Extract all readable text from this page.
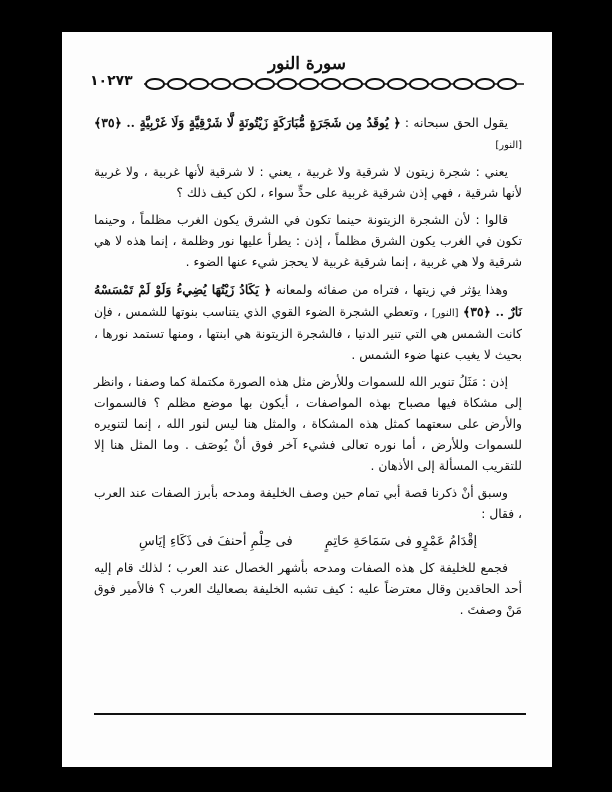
سورة النور
١٠٢٧٣

يقول الحق سبحانه : ﴿ يُوقَدُ مِن شَجَرَةٍ مُّبَارَكَةٍ زَيْتُونَةٍ لَّا شَرْقِيَّةٍ وَلَا غَرْبِيَّةٍ .. ﴿٣٥﴾ [النور]

يعني : شجرة زيتون لا شرقية ولا غربية ، يعني : لا شرقية لأنها غربية ، ولا غربية لأنها شرقية ، فهي إذن شرقية غربية على حدٍّ سواء ، لكن كيف ذلك ؟

قالوا : لأن الشجرة الزيتونة حينما تكون في الشرق يكون الغرب مظلماً ، وحينما تكون في الغرب يكون الشرق مظلماً ، إذن : يطرأ عليها نور وظلمة ، إنما هذه لا هي شرقية ولا هي غربية ، إنما شرقية غربية لا يحجز شيء عنها الضوء .

وهذا يؤثر في زيتها ، فتراه من صفائه ولمعانه ﴿ يَكَادُ زَيْتُهَا يُضِيءُ وَلَوْ لَمْ تَمْسَسْهُ نَارٌ .. ﴿٣٥﴾ [النور] ، وتعطي الشجرة الضوء القوي الذي يتناسب بنوتها للشمس ، فإن كانت الشمس هي التي تنير الدنيا ، فالشجرة الزيتونة هي ابنتها ، ومنها تستمد نورها ، بحيث لا يغيب عنها ضوء الشمس .

إذن : مَثَلُ تنوير الله للسموات وللأرض مثل هذه الصورة مكتملة كما وصفنا ، وانظر إلى مشكاة فيها مصباح بهذه المواصفات ، أيكون بها موضع مظلم ؟ فالسموات والأرض على سعتهما كمثل هذه المشكاة ، والمثل هنا ليس لنور الله ، إنما لتنويره للسموات وللأرض ، أما نوره تعالى فشيء آخر فوق أنْ يُوصَف . وما المثل هنا إلا للتقريب المسألة إلى الأذهان .

وسبق أنْ ذكرنا قصة أبي تمام حين وصف الخليفة ومدحه بأبرز الصفات عند العرب ، فقال :

إقْدَامُ عَمْرٍو فى سَمَاحَةِ حَاتِمٍ فى حِلْمِ أحنفَ فى ذَكَاءِ إيَاسِ

فجمع للخليفة كل هذه الصفات ومدحه بأشهر الخصال عند العرب ؛ لذلك قام إليه أحد الحاقدين وقال معترضاً عليه : كيف تشبه الخليفة بصعاليك العرب ؟ فالأمير فوق مَنْ وصفتَ .
